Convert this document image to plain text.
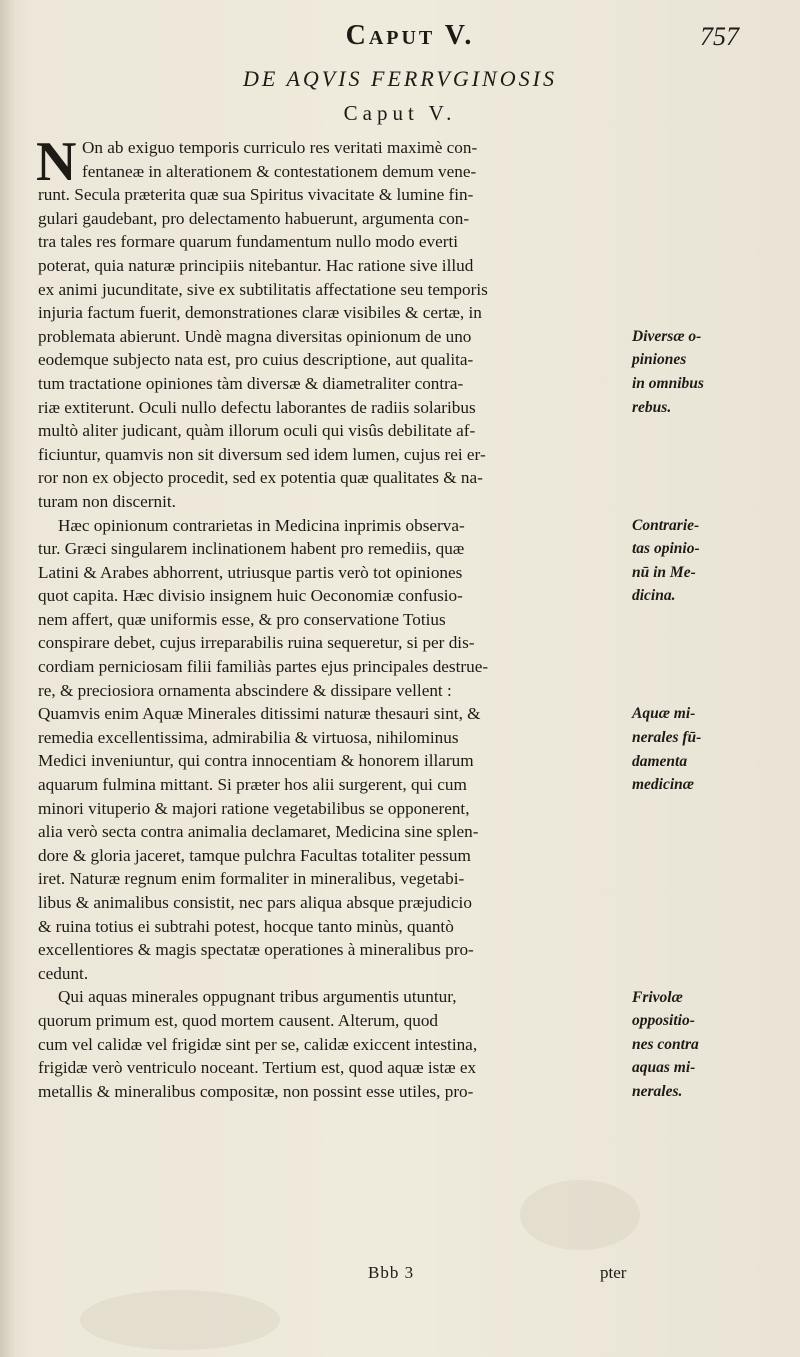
Caput V.	757
DE AQVIS FERRVGINOSIS
Caput V.
N On ab exiguo temporis curriculo res veritati maximè con-
fentaneæ in alterationem & contestationem demum vene-
runt. Secula præterita quæ sua Spiritus vivacitate & lumine fin-
gulari gaudebant, pro delectamento habuerunt, argumenta con-
tra tales res formare quarum fundamentum nullo modo everti
poterat, quia naturæ principiis nitebantur. Hac ratione sive illud
ex animi jucunditate, sive ex subtilitatis affectatione seu temporis
injuria factum fuerit, demonstrationes claræ visibiles & certæ, in
problemata abierunt. Undè magna diversitas opinionum de uno
eodemque subjecto nata est, pro cuius descriptione, aut qualita-
tum tractatione opiniones tàm diversæ & diametraliter contra-
riæ extiterunt. Oculi nullo defectu laborantes de radiis solaribus
multò aliter judicant, quàm illorum oculi qui visûs debilitate af-
ficiuntur, quamvis non sit diversum sed idem lumen, cujus rei er-
ror non ex objecto procedit, sed ex potentia quæ qualitates & na-
turam non discernit.
Hæc opinionum contrarietas in Medicina inprimis observa-
tur. Græci singularem inclinationem habent pro remediis, quæ
Latini & Arabes abhorrent, utriusque partis verò tot opiniones
quot capita. Hæc divisio insignem huic Oeconomiæ confusio-
nem affert, quæ uniformis esse, & pro conservatione Totius
conspirare debet, cujus irreparabilis ruina sequeretur, si per dis-
cordiam perniciosam filii familiàs partes ejus principales destrue-
re, & preciosiora ornamenta abscindere & dissipare vellent :
Quamvis enim Aquæ Minerales ditissimi naturæ thesauri sint, &
remedia excellentissima, admirabilia & virtuosa, nihilominus
Medici inveniuntur, qui contra innocentiam & honorem illarum
aquarum fulmina mittant. Si præter hos alii surgerent, qui cum
minori vituperio & majori ratione vegetabilibus se opponerent,
alia verò secta contra animalia declamaret, Medicina sine splen-
dore & gloria jaceret, tamque pulchra Facultas totaliter pessum
iret. Naturæ regnum enim formaliter in mineralibus, vegetabi-
libus & animalibus consistit, nec pars aliqua absque præjudicio
& ruina totius ei subtrahi potest, hocque tanto minùs, quantò
excellentiores & magis spectatæ operationes à mineralibus pro-
cedunt.
Qui aquas minerales oppugnant tribus argumentis utuntur,
quorum primum est, quod mortem causent. Alterum, quod
cum vel calidæ vel frigidæ sint per se, calidæ exiccent intestina,
frigidæ verò ventriculo noceant. Tertium est, quod aquæ istæ ex
metallis & mineralibus compositæ, non possint esse utiles, pro-
Diversæ o-
piniones
in omnibus
rebus.
Contrarie-
tas opinio-
nū in Me-
dicina.
Aquæ mi-
nerales fū-
damenta
medicinæ
Frivolæ
oppositio-
nes contra
aquas mi-
nerales.
Bbb 3	pter
